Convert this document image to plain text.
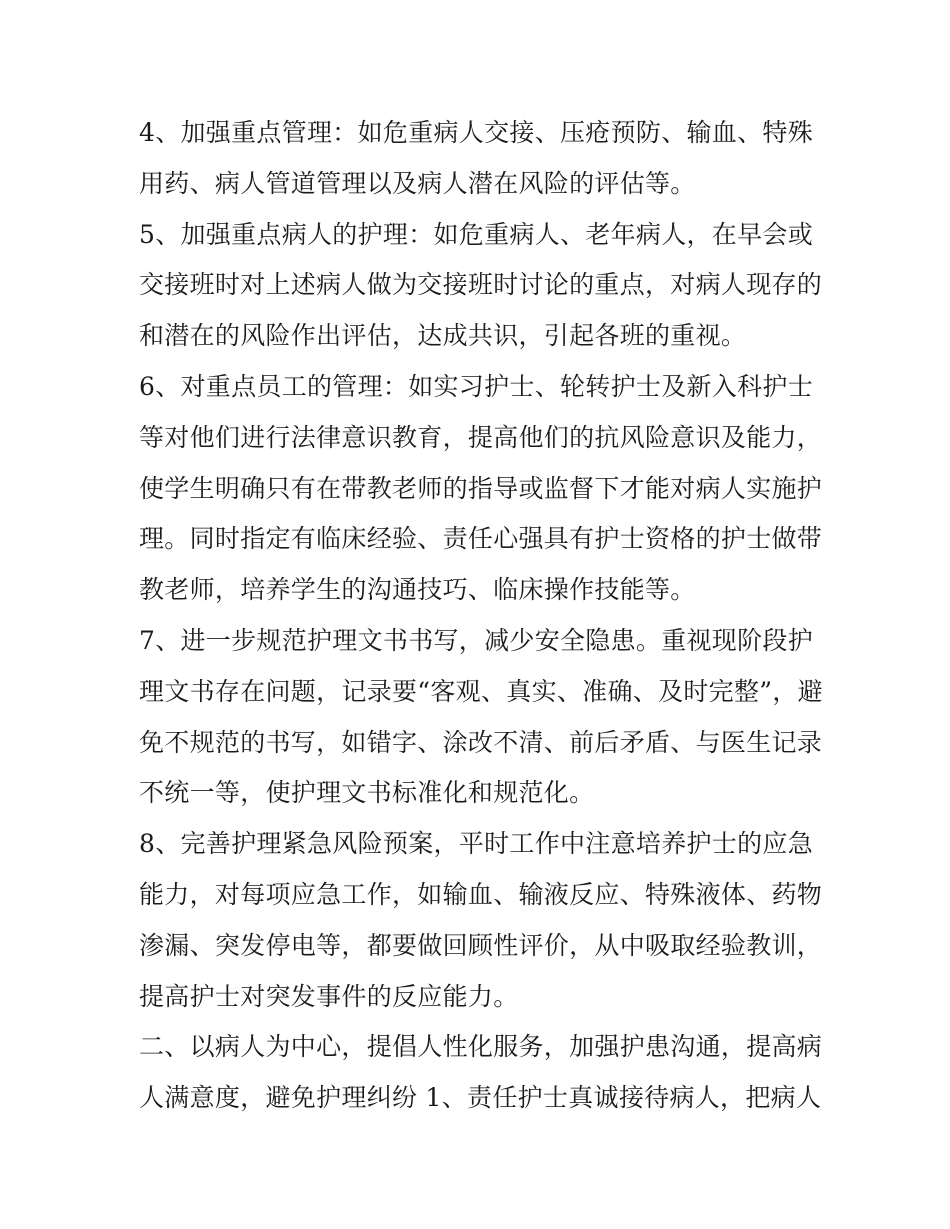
4、加强重点管理：如危重病人交接、压疮预防、输血、特殊
用药、病人管道管理以及病人潜在风险的评估等。
5、加强重点病人的护理：如危重病人、老年病人，在早会或
交接班时对上述病人做为交接班时讨论的重点，对病人现存的
和潜在的风险作出评估，达成共识，引起各班的重视。
6、对重点员工的管理：如实习护士、轮转护士及新入科护士
等对他们进行法律意识教育，提高他们的抗风险意识及能力，
使学生明确只有在带教老师的指导或监督下才能对病人实施护
理。同时指定有临床经验、责任心强具有护士资格的护士做带
教老师，培养学生的沟通技巧、临床操作技能等。
7、进一步规范护理文书书写，减少安全隐患。重视现阶段护
理文书存在问题，记录要“客观、真实、准确、及时完整”，避
免不规范的书写，如错字、涂改不清、前后矛盾、与医生记录
不统一等，使护理文书标准化和规范化。
8、完善护理紧急风险预案，平时工作中注意培养护士的应急
能力，对每项应急工作，如输血、输液反应、特殊液体、药物
渗漏、突发停电等，都要做回顾性评价，从中吸取经验教训，
提高护士对突发事件的反应能力。
二、以病人为中心，提倡人性化服务，加强护患沟通，提高病
人满意度，避免护理纠纷 1、责任护士真诚接待病人，把病人
